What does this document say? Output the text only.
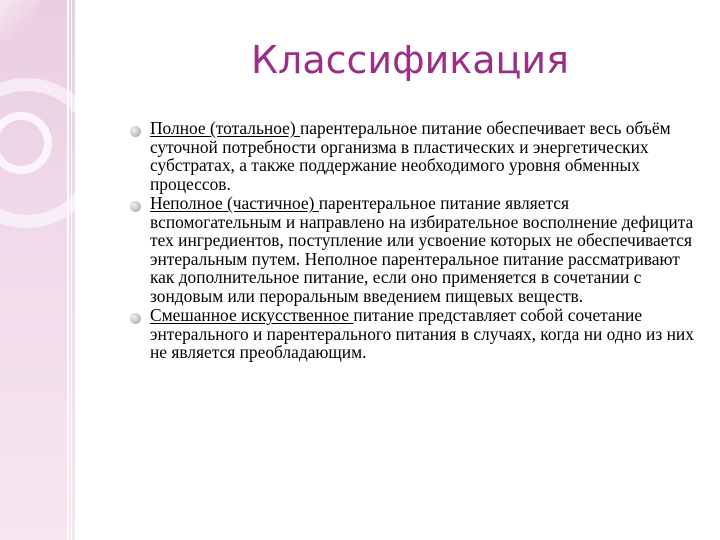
Классификация
Полное (тотальное) парентеральное питание обеспечивает весь объём суточной потребности организма в пластических и энергетических субстратах, а также поддержание необходимого уровня обменных процессов.
Неполное (частичное) парентеральное питание является вспомогательным и направлено на избирательное восполнение дефицита тех ингредиентов, поступление или усвоение которых не обеспечивается энтеральным путем. Неполное парентеральное питание рассматривают как дополнительное питание, если оно применяется в сочетании с зондовым или пероральным введением пищевых веществ.
Смешанное искусственное питание представляет собой сочетание энтерального и парентерального питания в случаях, когда ни одно из них не является преобладающим.
